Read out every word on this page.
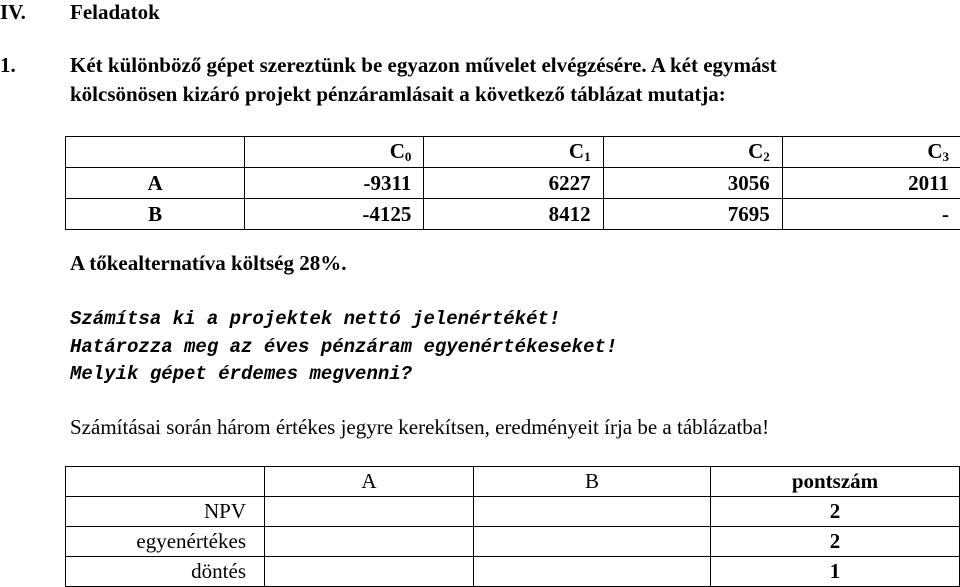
IV. Feladatok
1.	Két különböző gépet szereztünk be egyazon művelet elvégzésére. A két egymást
kölcsönösen kizáró projekt pénzáramlásait a következő táblázat mutatja:
	$C_0$	$C_1$	$C_2$	$C_3$
A	-9311	6227	3056	2011
B	-4125	8412	7695	-
A tőkealternatíva költség 28%.
Számítsa ki a projektek nettó jelenértékét!
Határozza meg az éves pénzáram egyenértékeseket!
Melyik gépet érdemes megvenni?
Számításai során három értékes jegyre kerekítsen, eredményeit írja be a táblázatba!
	A	B	pontszám
NPV			2
egyenértékes			2
döntés			1
